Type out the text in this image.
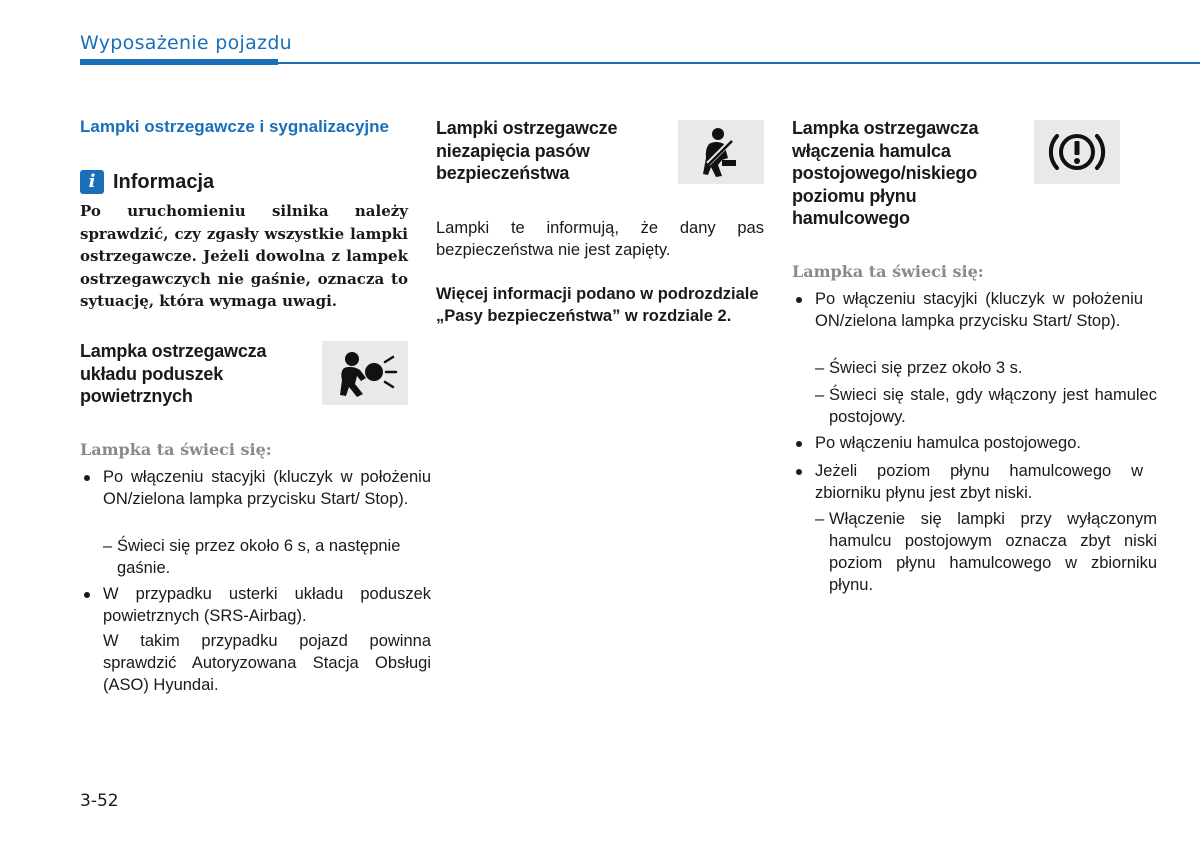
Wyposażenie pojazdu
Lampki ostrzegawcze i sygnalizacyjne
i Informacja

Po uruchomieniu silnika należy sprawdzić, czy zgasły wszystkie lampki ostrzegawcze. Jeżeli dowolna z lampek ostrzegawczych nie gaśnie, oznacza to sytuację, która wymaga uwagi.

Lampka ostrzegawcza układu poduszek powietrznych

Lampka ta świeci się:

Po włączeniu stacyjki (kluczyk w położeniu ON/zielona lampka przycisku Start/ Stop).

– Świeci się przez około 6 s, a następnie gaśnie.

W przypadku usterki układu poduszek powietrznych (SRS-Airbag).

W takim przypadku pojazd powinna sprawdzić Autoryzowana Stacja Obsługi (ASO) Hyundai.

Lampki ostrzegawcze niezapięcia pasów bezpieczeństwa

Lampki te informują, że dany pas bezpieczeństwa nie jest zapięty.

Więcej informacji podano w podrozdziale „Pasy bezpieczeństwa” w rozdziale 2.

Lampka ostrzegawcza włączenia hamulca postojowego/niskiego poziomu płynu hamulcowego

Lampka ta świeci się:

Po włączeniu stacyjki (kluczyk w położeniu ON/zielona lampka przycisku Start/ Stop).

– Świeci się przez około 3 s.

– Świeci się stale, gdy włączony jest hamulec postojowy.

Po włączeniu hamulca postojowego.

Jeżeli poziom płynu hamulcowego w zbiorniku płynu jest zbyt niski.

– Włączenie się lampki przy wyłączonym hamulcu postojowym oznacza zbyt niski poziom płynu hamulcowego w zbiorniku płynu.

3-52
